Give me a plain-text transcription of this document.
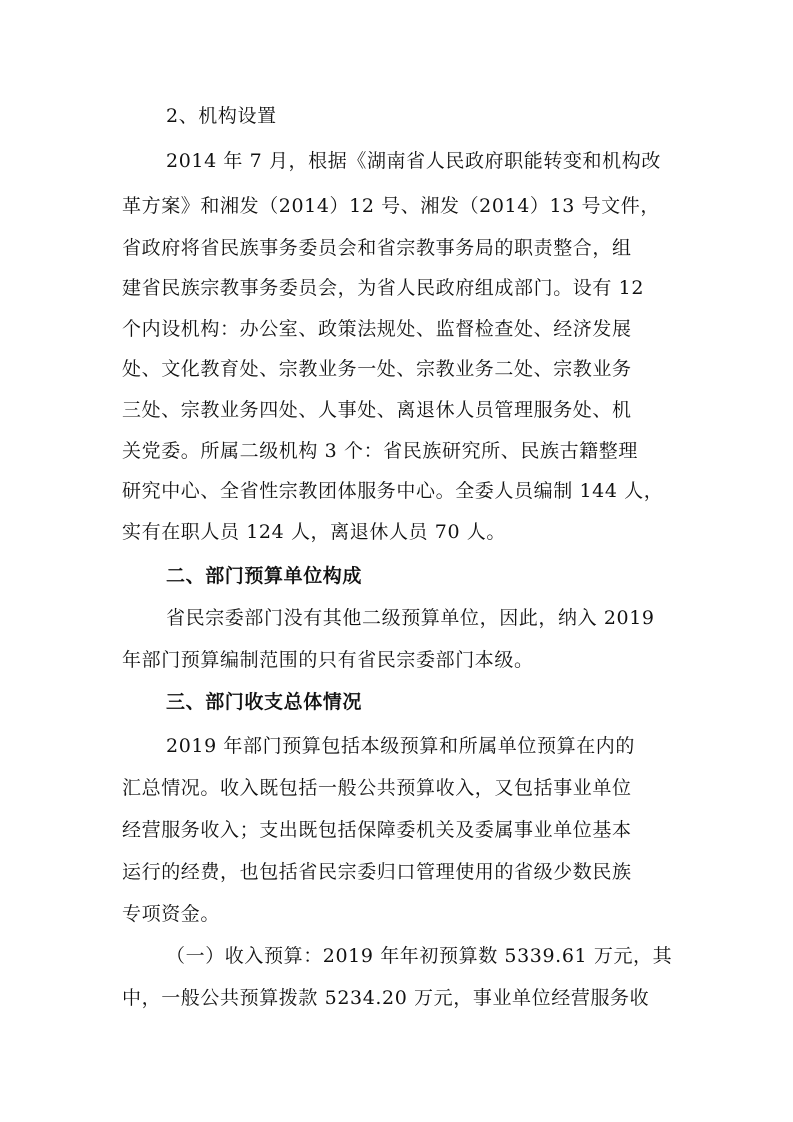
2、机构设置
2014 年 7 月，根据《湖南省人民政府职能转变和机构改
革方案》和湘发（2014）12 号、湘发（2014）13 号文件，
省政府将省民族事务委员会和省宗教事务局的职责整合，组
建省民族宗教事务委员会，为省人民政府组成部门。设有 12
个内设机构：办公室、政策法规处、监督检查处、经济发展
处、文化教育处、宗教业务一处、宗教业务二处、宗教业务
三处、宗教业务四处、人事处、离退休人员管理服务处、机
关党委。所属二级机构 3 个：省民族研究所、民族古籍整理
研究中心、全省性宗教团体服务中心。全委人员编制 144 人，
实有在职人员 124 人，离退休人员 70 人。
二、部门预算单位构成
省民宗委部门没有其他二级预算单位，因此，纳入 2019
年部门预算编制范围的只有省民宗委部门本级。
三、部门收支总体情况
2019 年部门预算包括本级预算和所属单位预算在内的
汇总情况。收入既包括一般公共预算收入，又包括事业单位
经营服务收入；支出既包括保障委机关及委属事业单位基本
运行的经费，也包括省民宗委归口管理使用的省级少数民族
专项资金。
（一）收入预算：2019 年年初预算数 5339.61 万元，其
中，一般公共预算拨款 5234.20 万元，事业单位经营服务收
